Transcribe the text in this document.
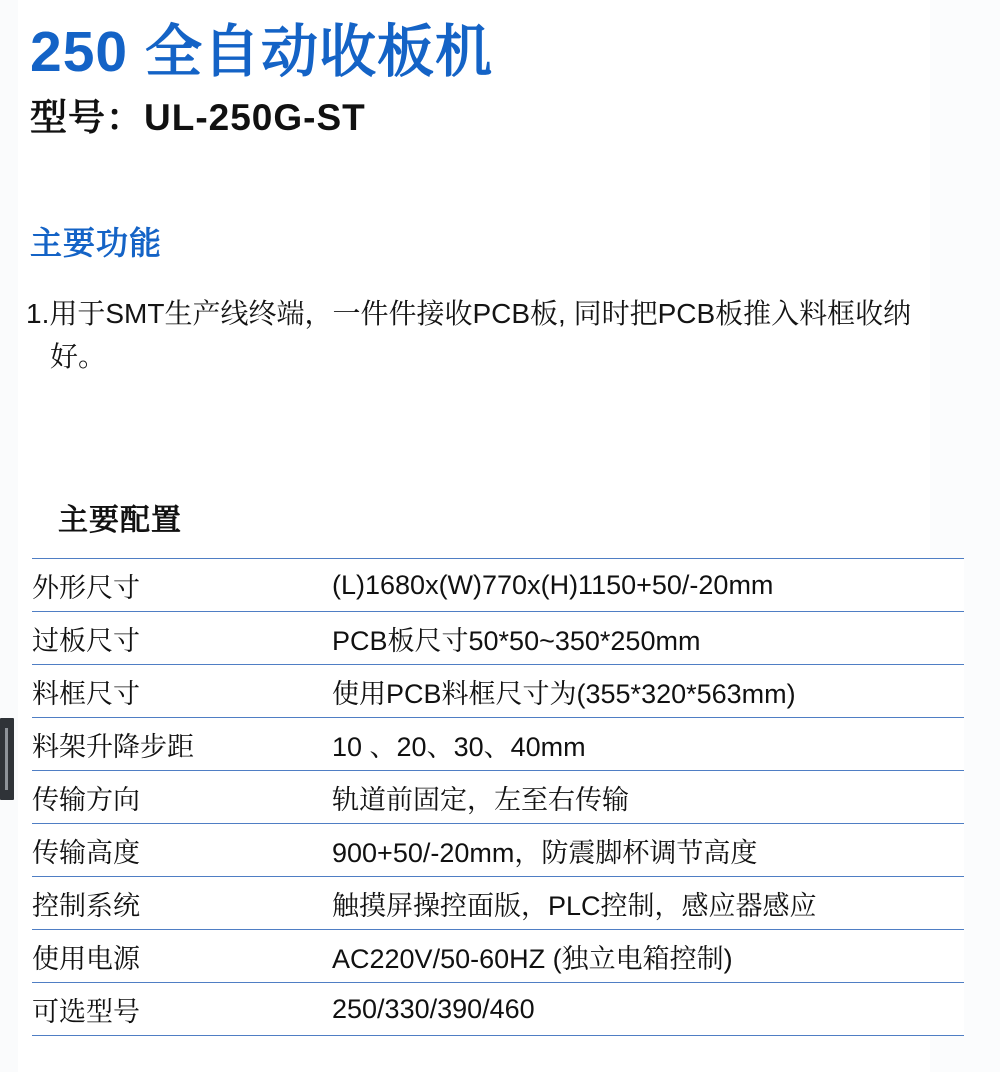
250 全自动收板机
型号：UL-250G-ST
主要功能
1.用于SMT生产线终端，一件件接收PCB板, 同时把PCB板推入料框收纳好。
主要配置
外形尺寸	(L)1680x(W)770x(H)1150+50/-20mm
过板尺寸	PCB板尺寸50*50~350*250mm
料框尺寸	使用PCB料框尺寸为(355*320*563mm)
料架升降步距	10 、20、30、40mm
传输方向	轨道前固定，左至右传输
传输高度	900+50/-20mm，防震脚杯调节高度
控制系统	触摸屏操控面版，PLC控制，感应器感应
使用电源	AC220V/50-60HZ (独立电箱控制)
可选型号	250/330/390/460
